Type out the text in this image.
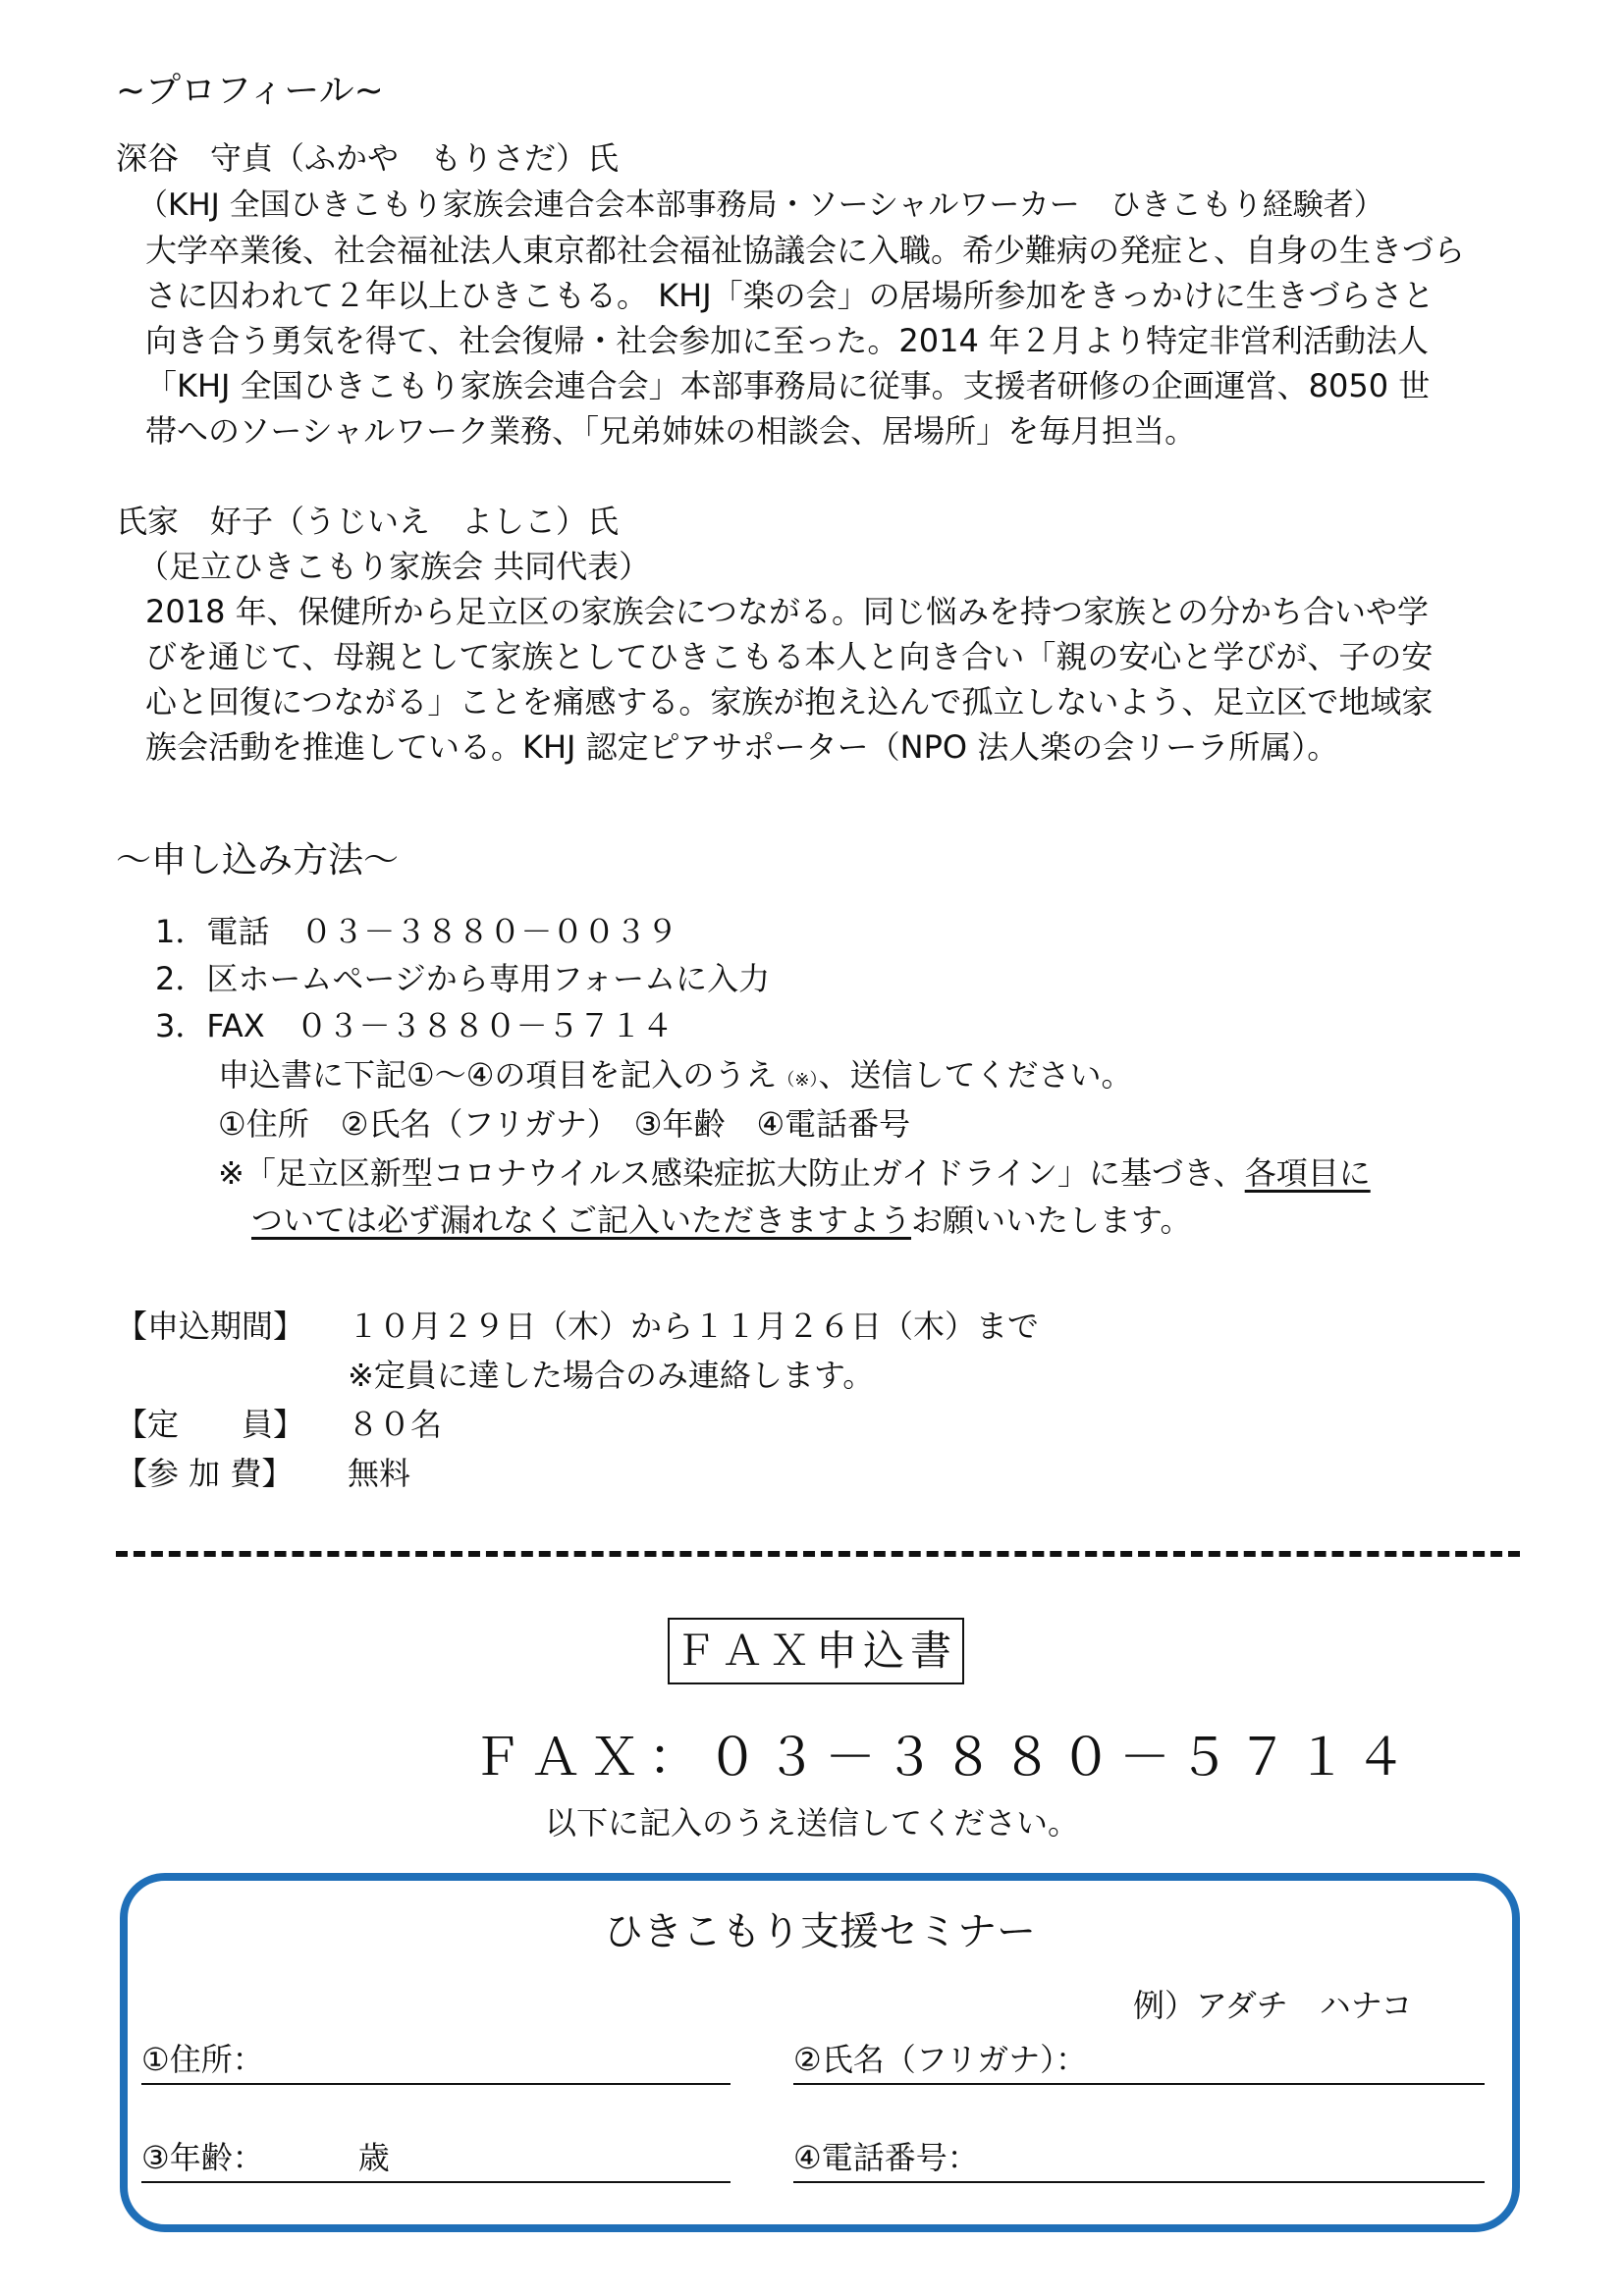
~プロフィール~
深谷　守貞（ふかや　もりさだ）氏
（KHJ 全国ひきこもり家族会連合会本部事務局・ソーシャルワーカー　ひきこもり経験者）
大学卒業後、社会福祉法人東京都社会福祉協議会に入職。希少難病の発症と、自身の生きづら
さに囚われて２年以上ひきこもる。 KHJ「楽の会」の居場所参加をきっかけに生きづらさと
向き合う勇気を得て、社会復帰・社会参加に至った。2014 年２月より特定非営利活動法人
「KHJ 全国ひきこもり家族会連合会」本部事務局に従事。支援者研修の企画運営、8050 世
帯へのソーシャルワーク業務、「兄弟姉妹の相談会、居場所」を毎月担当。
氏家　好子（うじいえ　よしこ）氏
（足立ひきこもり家族会 共同代表）
2018 年、保健所から足立区の家族会につながる。同じ悩みを持つ家族との分かち合いや学
びを通じて、母親として家族としてひきこもる本人と向き合い「親の安心と学びが、子の安
心と回復につながる」ことを痛感する。家族が抱え込んで孤立しないよう、足立区で地域家
族会活動を推進している。KHJ 認定ピアサポーター（NPO 法人楽の会リーラ所属）。
～申し込み方法～
1．電話　０３－３８８０－００３９
2．区ホームページから専用フォームに入力
3．FAX　０３－３８８０－５７１４
申込書に下記①～④の項目を記入のうえ（※）、送信してください。
①住所　②氏名（フリガナ）　③年齢　④電話番号
※「足立区新型コロナウイルス感染症拡大防止ガイドライン」に基づき、各項目に
ついては必ず漏れなくご記入いただきますようお願いいたします。
【申込期間】 １０月２９日（木）から１１月２６日（木）まで
※定員に達した場合のみ連絡します。
【定　　員】 ８０名
【参 加 費】 無料
ＦＡＸ申込書
ＦＡＸ：０３－３８８０－５７１４
以下に記入のうえ送信してください。
ひきこもり支援セミナー
例）アダチ　ハナコ
①住所：	②氏名（フリガナ）：
③年齢：	歳	④電話番号：
